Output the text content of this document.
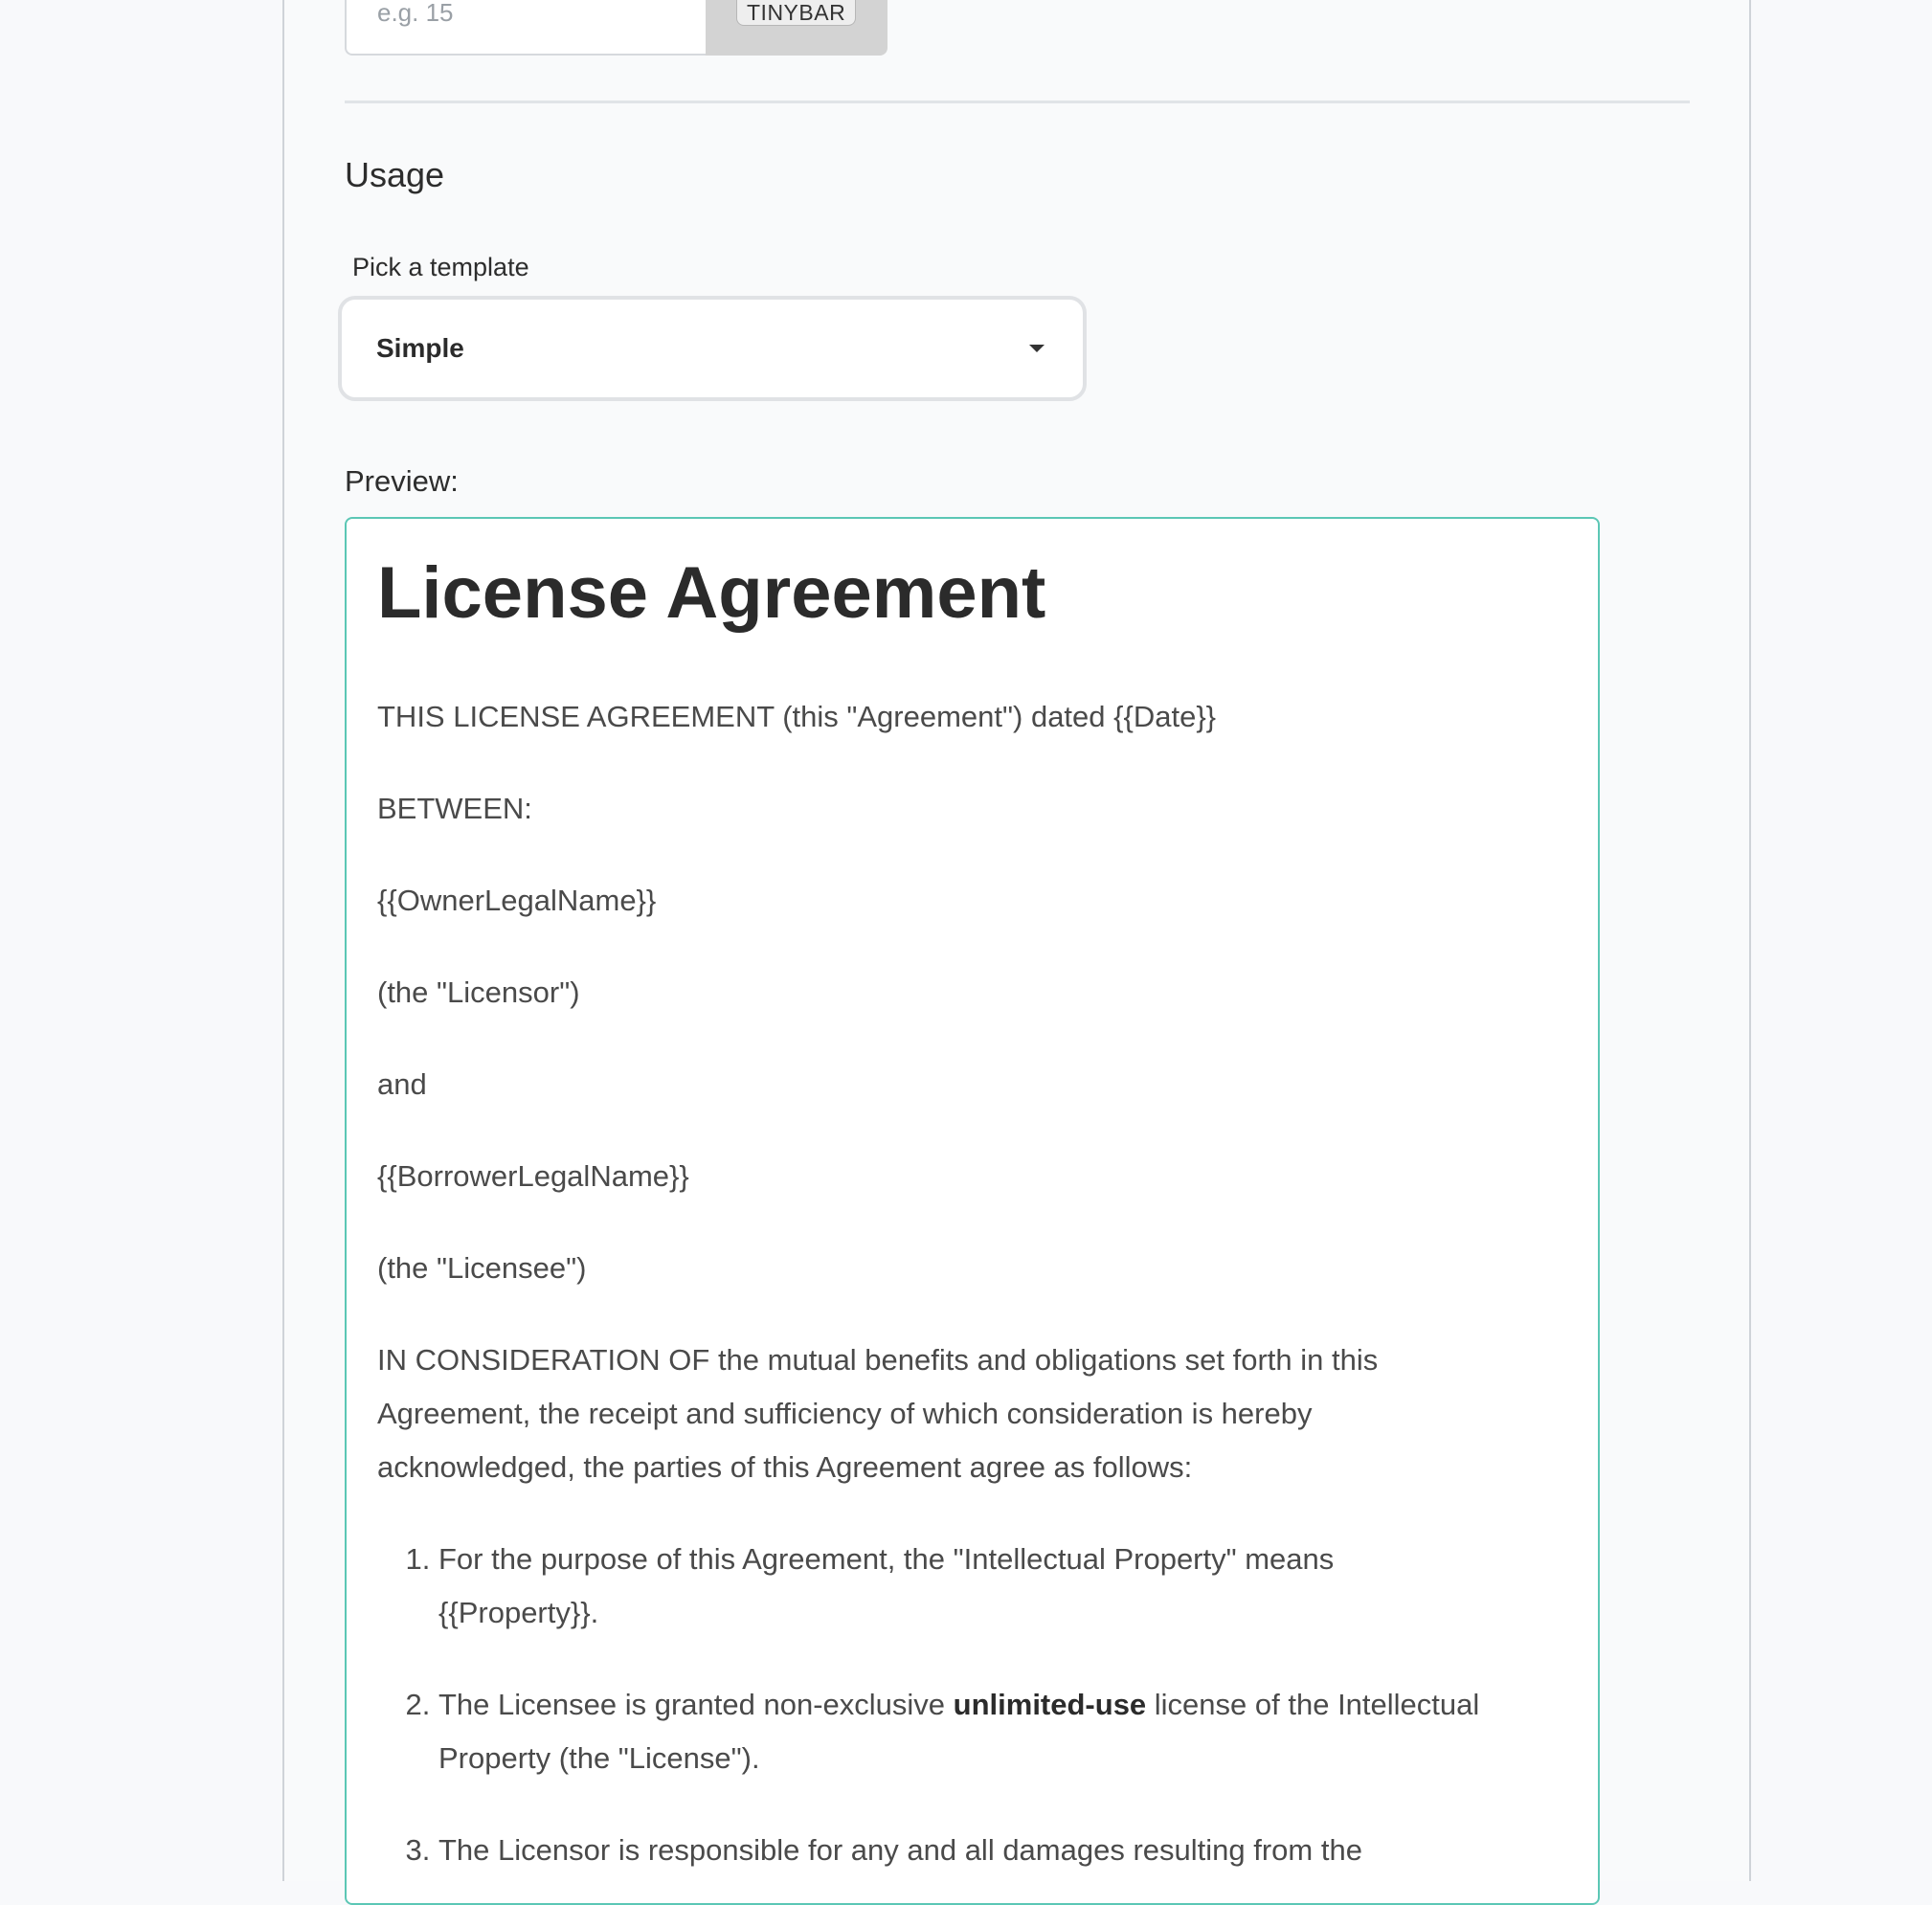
e.g. 15
TINYBAR
Usage
Pick a template
Simple
Preview:
License Agreement

THIS LICENSE AGREEMENT (this "Agreement") dated {{Date}}

BETWEEN:

{{OwnerLegalName}}

(the "Licensor")

and

{{BorrowerLegalName}}

(the "Licensee")

IN CONSIDERATION OF the mutual benefits and obligations set forth in this Agreement, the receipt and sufficiency of which consideration is hereby acknowledged, the parties of this Agreement agree as follows:

1. For the purpose of this Agreement, the "Intellectual Property" means {{Property}}.
2. The Licensee is granted non-exclusive unlimited-use license of the Intellectual Property (the "License").
3. The Licensor is responsible for any and all damages resulting from the
